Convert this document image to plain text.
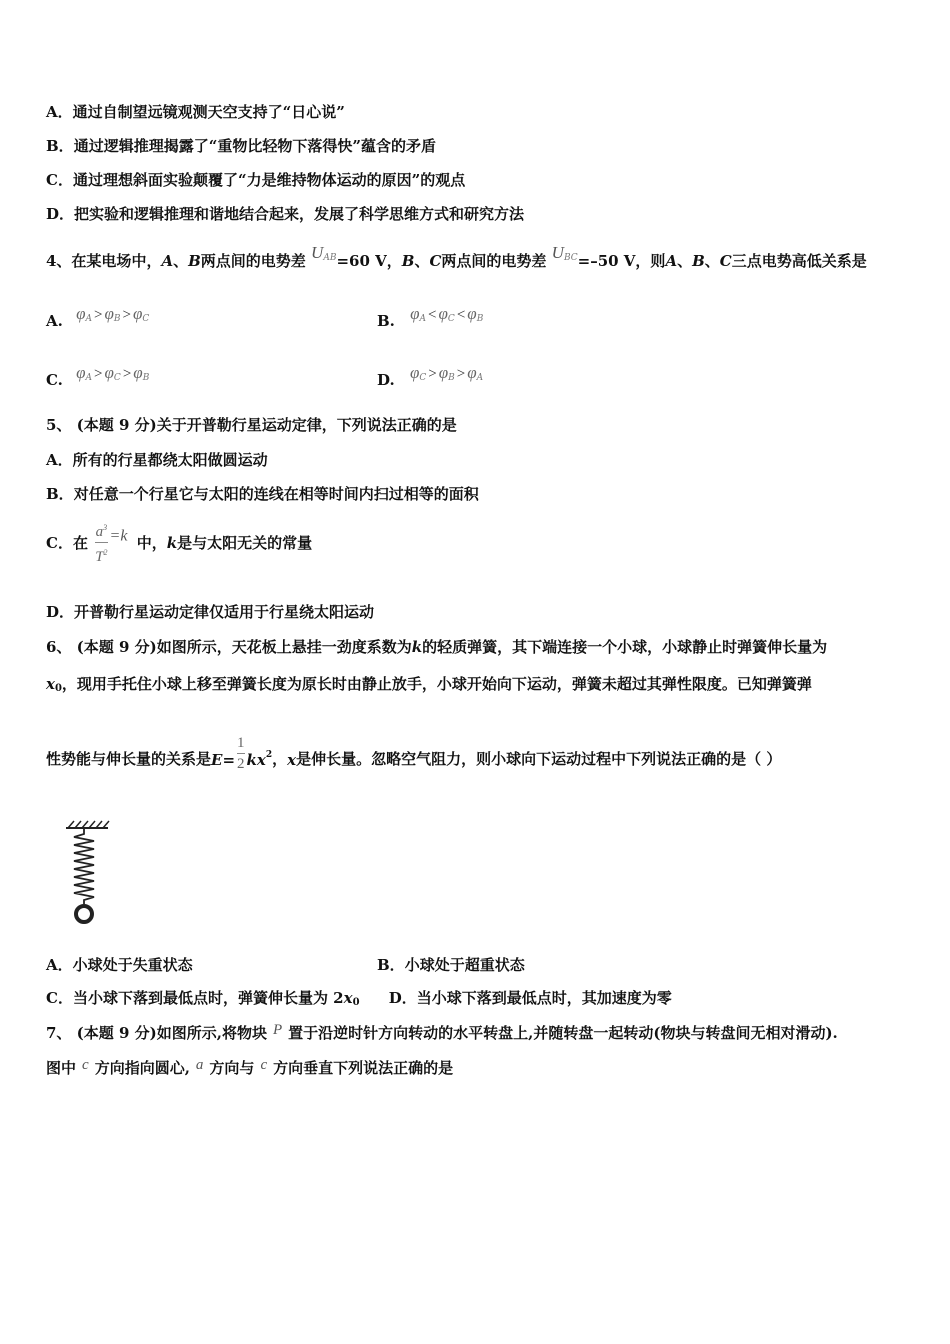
A．通过自制望远镜观测天空支持了“日心说”
B．通过逻辑推理揭露了“重物比轻物下落得快”蕴含的矛盾
C．通过理想斜面实验颠覆了“力是维持物体运动的原因”的观点
D．把实验和逻辑推理和谐地结合起来，发展了科学思维方式和研究方法
4、在某电场中，A、B两点间的电势差 $U_{AB}=60$ V，B、C两点间的电势差 $U_{BC}=-50$ V，则A、B、C三点电势高低关系是
A. $\varphi_A > \varphi_B > \varphi_C$	B. $\varphi_A < \varphi_C < \varphi_B$
C. $\varphi_A > \varphi_C > \varphi_B$	D. $\varphi_C > \varphi_B > \varphi_A$
5、 (本题 9 分)关于开普勒行星运动定律，下列说法正确的是
A．所有的行星都绕太阳做圆运动
B．对任意一个行星它与太阳的连线在相等时间内扫过相等的面积
C．在 $\frac{a^3}{T^2} =k$ 中，k是与太阳无关的常量
D．开普勒行星运动定律仅适用于行星绕太阳运动
6、 (本题 9 分)如图所示，天花板上悬挂一劲度系数为k的轻质弹簧，其下端连接一个小球，小球静止时弹簧伸长量为
x0，现用手托住小球上移至弹簧长度为原长时由静止放手，小球开始向下运动，弹簧未超过其弹性限度。已知弹簧弹
性势能与伸长量的关系是$E= \frac{1}{2} kx2$，x是伸长量。忽略空气阻力，则小球向下运动过程中下列说法正确的是（ ）
A．小球处于失重状态	B．小球处于超重状态
C．当小球下落到最低点时，弹簧伸长量为 2x0 D．当小球下落到最低点时，其加速度为零
7、 (本题 9 分)如图所示,将物块 P 置于沿逆时针方向转动的水平转盘上,并随转盘一起转动(物块与转盘间无相对滑动).
图中 c 方向指向圆心, a 方向与 c 方向垂直下列说法正确的是
